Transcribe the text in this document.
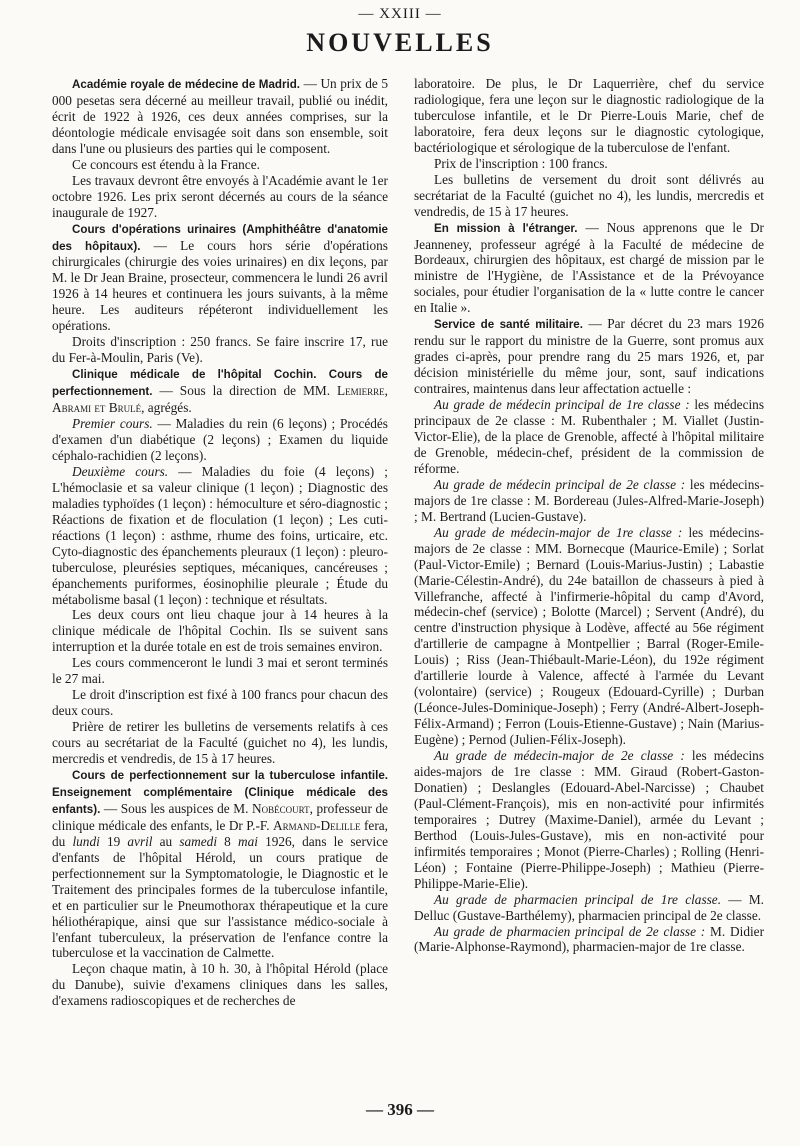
— XXIII —
NOUVELLES

Académie royale de médecine de Madrid. — Un prix de 5 000 pesetas sera décerné au meilleur travail, publié ou inédit, écrit de 1922 à 1926, ces deux années comprises, sur la déontologie médicale envisagée soit dans son ensemble, soit dans l'une ou plusieurs des parties qui le composent.

Ce concours est étendu à la France.

Les travaux devront être envoyés à l'Académie avant le 1er octobre 1926. Les prix seront décernés au cours de la séance inaugurale de 1927.

Cours d'opérations urinaires (Amphithéâtre d'anatomie des hôpitaux). — Le cours hors série d'opérations chirurgicales (chirurgie des voies urinaires) en dix leçons, par M. le Dr Jean Braine, prosecteur, commencera le lundi 26 avril 1926 à 14 heures et continuera les jours suivants, à la même heure. Les auditeurs répéteront individuellement les opérations.

Droits d'inscription : 250 francs. Se faire inscrire 17, rue du Fer-à-Moulin, Paris (Ve).

Clinique médicale de l'hôpital Cochin. Cours de perfectionnement. — Sous la direction de MM. Lemierre, Abrami et Brulé, agrégés.

Premier cours. — Maladies du rein (6 leçons) ; Procédés d'examen d'un diabétique (2 leçons) ; Examen du liquide céphalo-rachidien (2 leçons).

Deuxième cours. — Maladies du foie (4 leçons) ; L'hémoclasie et sa valeur clinique (1 leçon) ; Diagnostic des maladies typhoïdes (1 leçon) : hémoculture et séro-diagnostic ; Réactions de fixation et de floculation (1 leçon) ; Les cuti-réactions (1 leçon) : asthme, rhume des foins, urticaire, etc. Cyto-diagnostic des épanchements pleuraux (1 leçon) : pleuro-tuberculose, pleurésies septiques, mécaniques, cancéreuses ; épanchements puriformes, éosinophilie pleurale ; Étude du métabolisme basal (1 leçon) : technique et résultats.

Les deux cours ont lieu chaque jour à 14 heures à la clinique médicale de l'hôpital Cochin. Ils se suivent sans interruption et la durée totale en est de trois semaines environ.

Les cours commenceront le lundi 3 mai et seront terminés le 27 mai.

Le droit d'inscription est fixé à 100 francs pour chacun des deux cours.

Prière de retirer les bulletins de versements relatifs à ces cours au secrétariat de la Faculté (guichet no 4), les lundis, mercredis et vendredis, de 15 à 17 heures.

Cours de perfectionnement sur la tuberculose infantile. Enseignement complémentaire (Clinique médicale des enfants). — Sous les auspices de M. Nobécourt, professeur de clinique médicale des enfants, le Dr P.-F. Armand-Delille fera, du lundi 19 avril au samedi 8 mai 1926, dans le service d'enfants de l'hôpital Hérold, un cours pratique de perfectionnement sur la Symptomatologie, le Diagnostic et le Traitement des principales formes de la tuberculose infantile, et en particulier sur le Pneumothorax thérapeutique et la cure héliothérapique, ainsi que sur l'assistance médico-sociale à l'enfant tuberculeux, la préservation de l'enfance contre la tuberculose et la vaccination de Calmette.

Leçon chaque matin, à 10 h. 30, à l'hôpital Hérold (place du Danube), suivie d'examens cliniques dans les salles, d'examens radioscopiques et de recherches de

laboratoire. De plus, le Dr Laquerrière, chef du service radiologique, fera une leçon sur le diagnostic radiologique de la tuberculose infantile, et le Dr Pierre-Louis Marie, chef de laboratoire, fera deux leçons sur le diagnostic cytologique, bactériologique et sérologique de la tuberculose de l'enfant.

Prix de l'inscription : 100 francs.

Les bulletins de versement du droit sont délivrés au secrétariat de la Faculté (guichet no 4), les lundis, mercredis et vendredis, de 15 à 17 heures.

En mission à l'étranger. — Nous apprenons que le Dr Jeanneney, professeur agrégé à la Faculté de médecine de Bordeaux, chirurgien des hôpitaux, est chargé de mission par le ministre de l'Hygiène, de l'Assistance et de la Prévoyance sociales, pour étudier l'organisation de la « lutte contre le cancer en Italie ».

Service de santé militaire. — Par décret du 23 mars 1926 rendu sur le rapport du ministre de la Guerre, sont promus aux grades ci-après, pour prendre rang du 25 mars 1926, et, par décision ministérielle du même jour, sont, sauf indications contraires, maintenus dans leur affectation actuelle :

Au grade de médecin principal de 1re classe : les médecins principaux de 2e classe : M. Rubenthaler ; M. Viallet (Justin-Victor-Elie), de la place de Grenoble, affecté à l'hôpital militaire de Grenoble, médecin-chef, président de la commission de réforme.

Au grade de médecin principal de 2e classe : les médecins-majors de 1re classe : M. Bordereau (Jules-Alfred-Marie-Joseph) ; M. Bertrand (Lucien-Gustave).

Au grade de médecin-major de 1re classe : les médecins-majors de 2e classe : MM. Bornecque (Maurice-Emile) ; Sorlat (Paul-Victor-Emile) ; Bernard (Louis-Marius-Justin) ; Labastie (Marie-Célestin-André), du 24e bataillon de chasseurs à pied à Villefranche, affecté à l'infirmerie-hôpital du camp d'Avord, médecin-chef (service) ; Bolotte (Marcel) ; Servent (André), du centre d'instruction physique à Lodève, affecté au 56e régiment d'artillerie de campagne à Montpellier ; Barral (Roger-Emile-Louis) ; Riss (Jean-Thiébault-Marie-Léon), du 192e régiment d'artillerie lourde à Valence, affecté à l'armée du Levant (volontaire) (service) ; Rougeux (Edouard-Cyrille) ; Durban (Léonce-Jules-Dominique-Joseph) ; Ferry (André-Albert-Joseph-Félix-Armand) ; Ferron (Louis-Etienne-Gustave) ; Nain (Marius-Eugène) ; Pernod (Julien-Félix-Joseph).

Au grade de médecin-major de 2e classe : les médecins aides-majors de 1re classe : MM. Giraud (Robert-Gaston-Donatien) ; Deslangles (Edouard-Abel-Narcisse) ; Chaubet (Paul-Clément-François), mis en non-activité pour infirmités temporaires ; Dutrey (Maxime-Daniel), armée du Levant ; Berthod (Louis-Jules-Gustave), mis en non-activité pour infirmités temporaires ; Monot (Pierre-Charles) ; Rolling (Henri-Léon) ; Fontaine (Pierre-Philippe-Joseph) ; Mathieu (Pierre-Philippe-Marie-Elie).

Au grade de pharmacien principal de 1re classe. — M. Delluc (Gustave-Barthélemy), pharmacien principal de 2e classe.

Au grade de pharmacien principal de 2e classe : M. Didier (Marie-Alphonse-Raymond), pharmacien-major de 1re classe.

— 396 —
